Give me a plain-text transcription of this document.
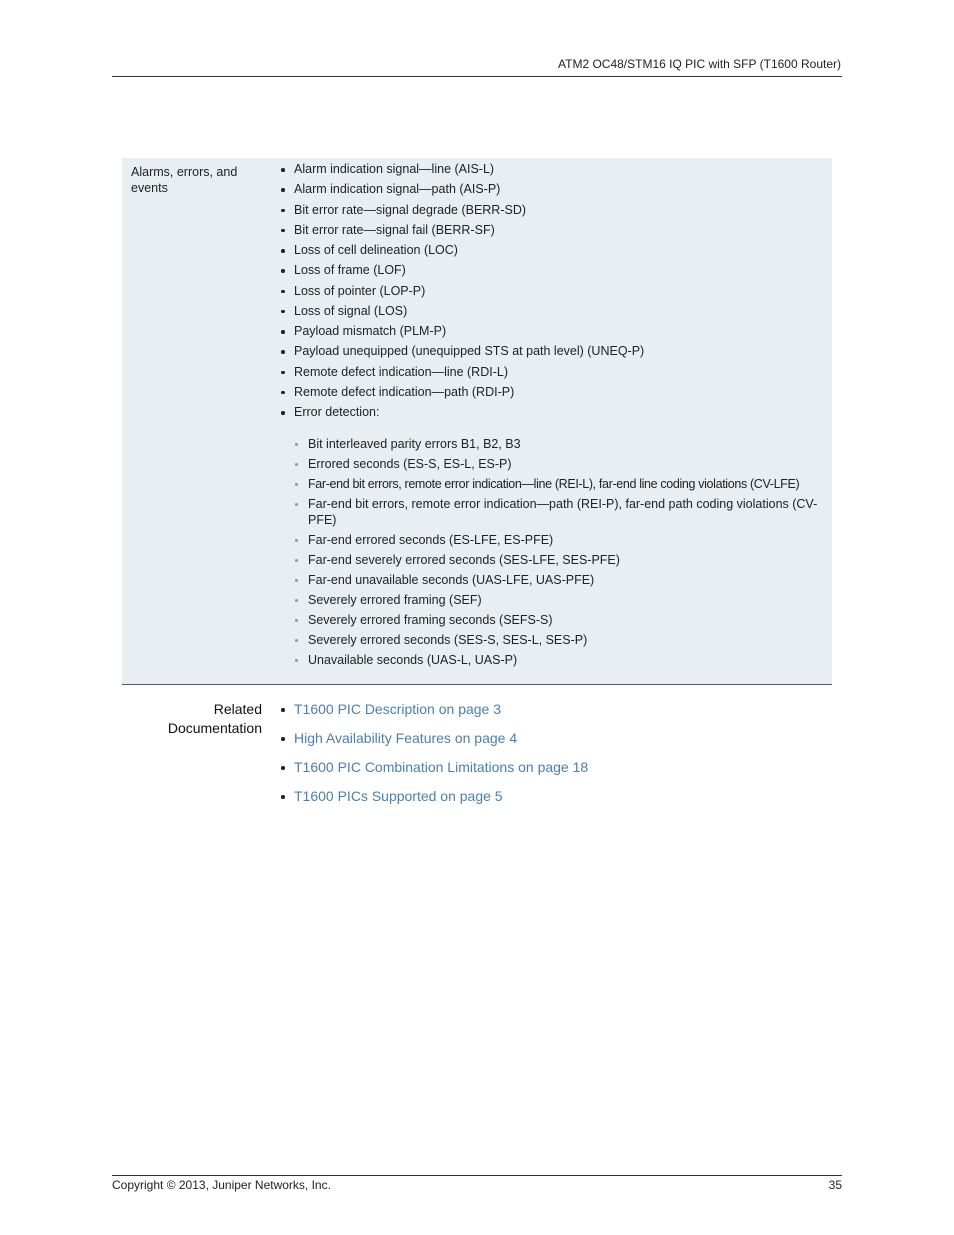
ATM2 OC48/STM16 IQ PIC with SFP (T1600 Router)
Alarms, errors, and events
Alarm indication signal—line (AIS-L)
Alarm indication signal—path (AIS-P)
Bit error rate—signal degrade (BERR-SD)
Bit error rate—signal fail (BERR-SF)
Loss of cell delineation (LOC)
Loss of frame (LOF)
Loss of pointer (LOP-P)
Loss of signal (LOS)
Payload mismatch (PLM-P)
Payload unequipped (unequipped STS at path level) (UNEQ-P)
Remote defect indication—line (RDI-L)
Remote defect indication—path (RDI-P)
Error detection:
Bit interleaved parity errors B1, B2, B3
Errored seconds (ES-S, ES-L, ES-P)
Far-end bit errors, remote error indication—line (REI-L), far-end line coding violations (CV-LFE)
Far-end bit errors, remote error indication—path (REI-P), far-end path coding violations (CV-PFE)
Far-end errored seconds (ES-LFE, ES-PFE)
Far-end severely errored seconds (SES-LFE, SES-PFE)
Far-end unavailable seconds (UAS-LFE, UAS-PFE)
Severely errored framing (SEF)
Severely errored framing seconds (SEFS-S)
Severely errored seconds (SES-S, SES-L, SES-P)
Unavailable seconds (UAS-L, UAS-P)
Related
Documentation
T1600 PIC Description on page 3
High Availability Features on page 4
T1600 PIC Combination Limitations on page 18
T1600 PICs Supported on page 5
Copyright © 2013, Juniper Networks, Inc.	35
